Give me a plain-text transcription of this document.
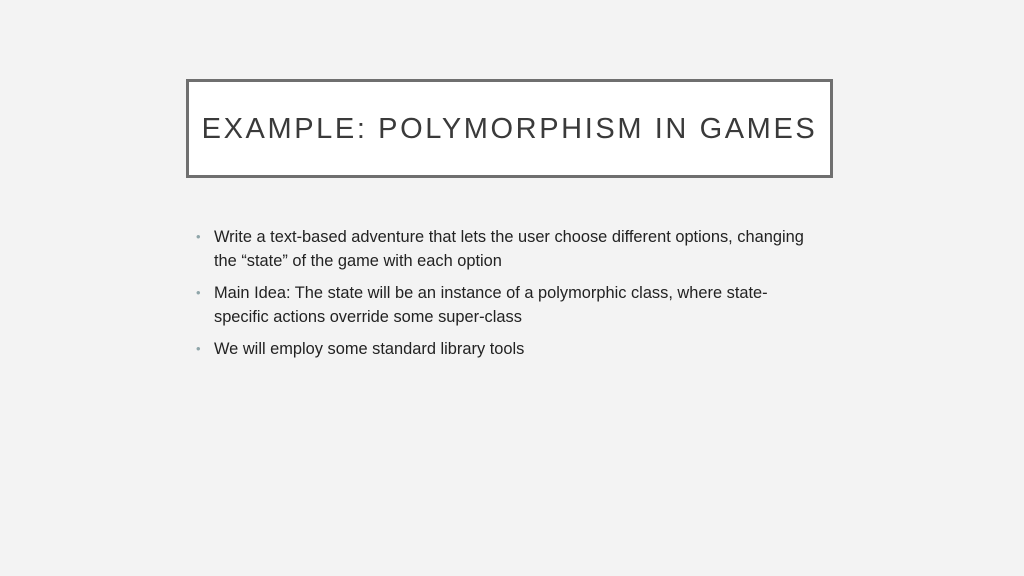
EXAMPLE: POLYMORPHISM IN GAMES
• Write a text-based adventure that lets the user choose different options, changing the “state” of the game with each option
• Main Idea: The state will be an instance of a polymorphic class, where state-specific actions override some super-class
• We will employ some standard library tools
